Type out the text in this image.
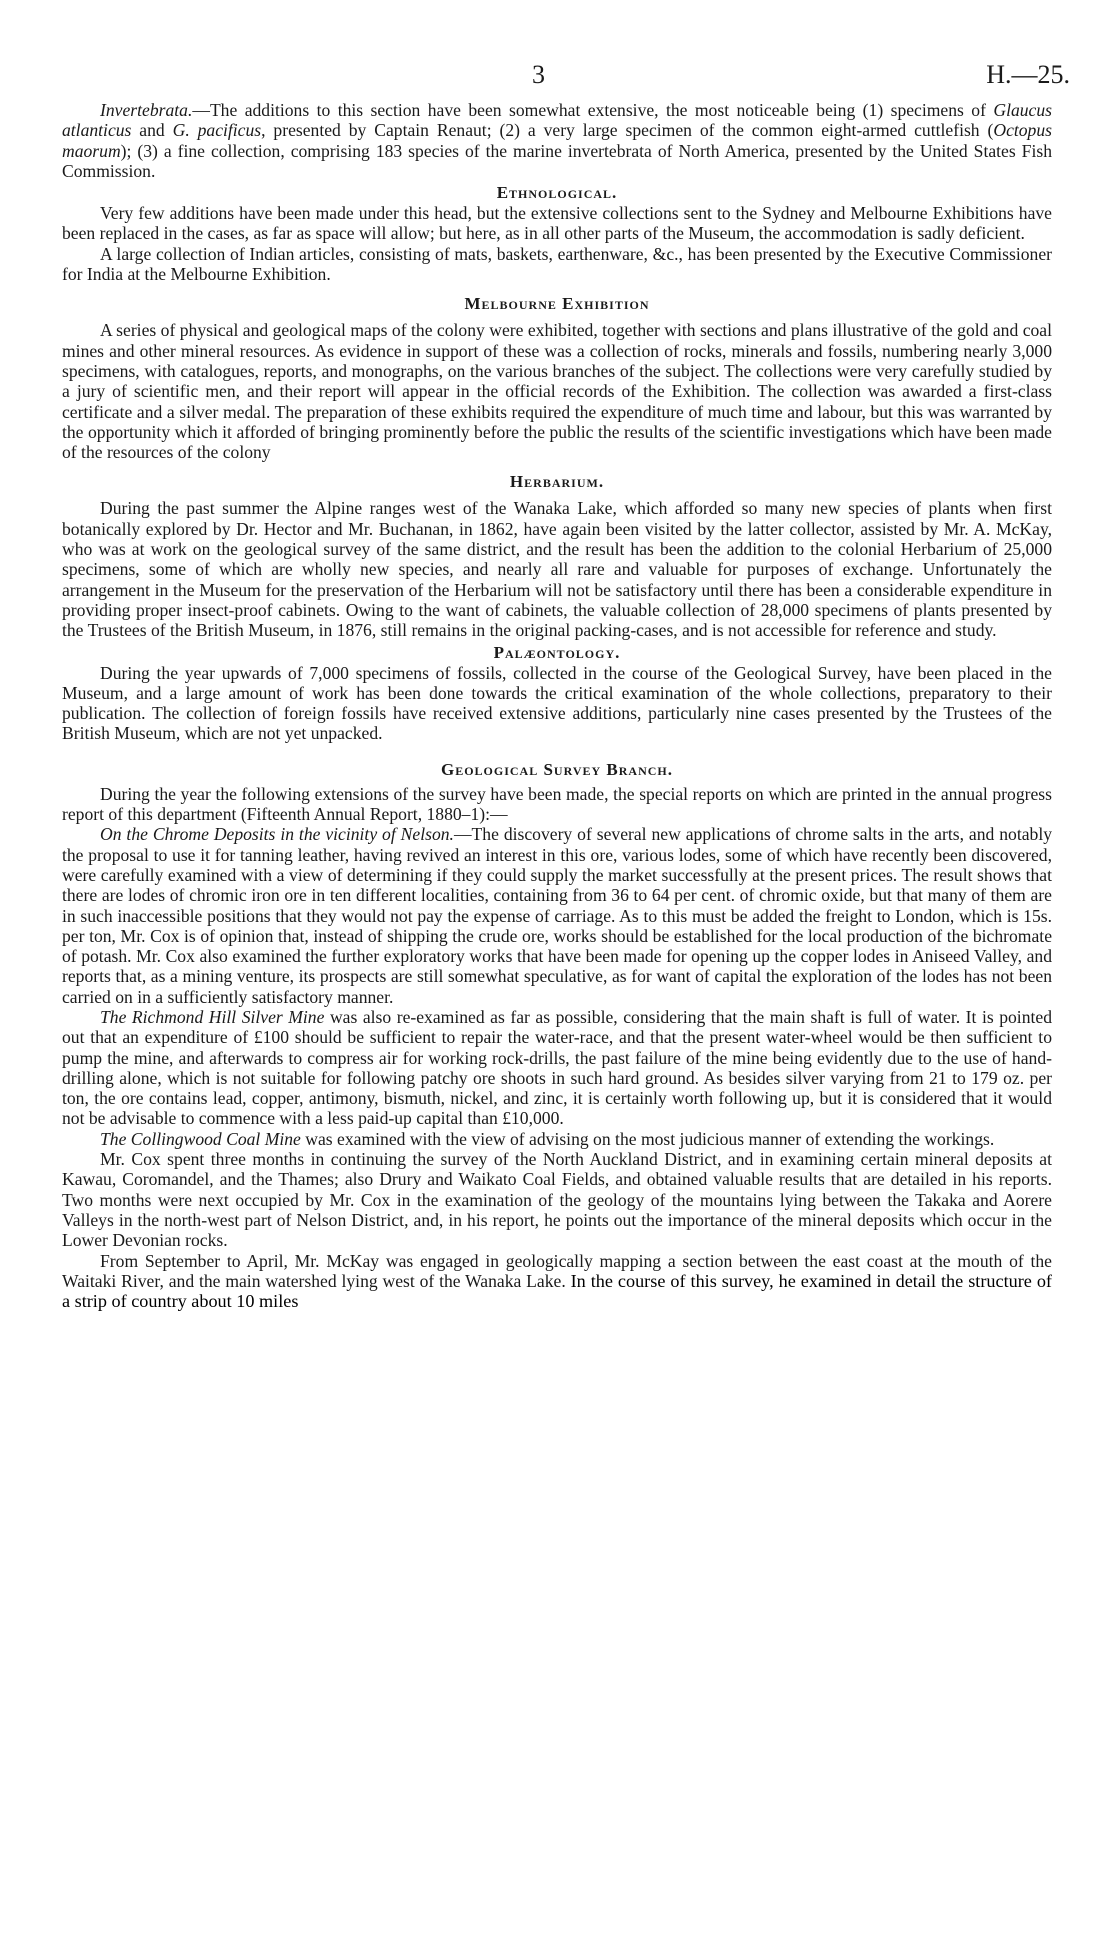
3	H.—25.

Invertebrata.—The additions to this section have been somewhat extensive, the most noticeable being (1) specimens of Glaucus atlanticus and G. pacificus, presented by Captain Renaut; (2) a very large specimen of the common eight-armed cuttlefish (Octopus maorum); (3) a fine collection, comprising 183 species of the marine invertebrata of North America, presented by the United States Fish Commission.

Ethnological.

Very few additions have been made under this head, but the extensive collections sent to the Sydney and Melbourne Exhibitions have been replaced in the cases, as far as space will allow; but here, as in all other parts of the Museum, the accommodation is sadly deficient.

A large collection of Indian articles, consisting of mats, baskets, earthenware, &c., has been presented by the Executive Commissioner for India at the Melbourne Exhibition.

Melbourne Exhibition

A series of physical and geological maps of the colony were exhibited, together with sections and plans illustrative of the gold and coal mines and other mineral resources. As evidence in support of these was a collection of rocks, minerals and fossils, numbering nearly 3,000 specimens, with catalogues, reports, and monographs, on the various branches of the subject. The collections were very carefully studied by a jury of scientific men, and their report will appear in the official records of the Exhibition. The collection was awarded a first-class certificate and a silver medal. The preparation of these exhibits required the expenditure of much time and labour, but this was warranted by the opportunity which it afforded of bringing prominently before the public the results of the scientific investigations which have been made of the resources of the colony

Herbarium.

During the past summer the Alpine ranges west of the Wanaka Lake, which afforded so many new species of plants when first botanically explored by Dr. Hector and Mr. Buchanan, in 1862, have again been visited by the latter collector, assisted by Mr. A. McKay, who was at work on the geological survey of the same district, and the result has been the addition to the colonial Herbarium of 25,000 specimens, some of which are wholly new species, and nearly all rare and valuable for purposes of exchange. Unfortunately the arrangement in the Museum for the preservation of the Herbarium will not be satisfactory until there has been a considerable expenditure in providing proper insect-proof cabinets. Owing to the want of cabinets, the valuable collection of 28,000 specimens of plants presented by the Trustees of the British Museum, in 1876, still remains in the original packing-cases, and is not accessible for reference and study.

Palæontology.

During the year upwards of 7,000 specimens of fossils, collected in the course of the Geological Survey, have been placed in the Museum, and a large amount of work has been done towards the critical examination of the whole collections, preparatory to their publication. The collection of foreign fossils have received extensive additions, particularly nine cases presented by the Trustees of the British Museum, which are not yet unpacked.

Geological Survey Branch.

During the year the following extensions of the survey have been made, the special reports on which are printed in the annual progress report of this department (Fifteenth Annual Report, 1880–1):—

On the Chrome Deposits in the vicinity of Nelson.—The discovery of several new applications of chrome salts in the arts, and notably the proposal to use it for tanning leather, having revived an interest in this ore, various lodes, some of which have recently been discovered, were carefully examined with a view of determining if they could supply the market successfully at the present prices. The result shows that there are lodes of chromic iron ore in ten different localities, containing from 36 to 64 per cent. of chromic oxide, but that many of them are in such inaccessible positions that they would not pay the expense of carriage. As to this must be added the freight to London, which is 15s. per ton, Mr. Cox is of opinion that, instead of shipping the crude ore, works should be established for the local production of the bichromate of potash. Mr. Cox also examined the further exploratory works that have been made for opening up the copper lodes in Aniseed Valley, and reports that, as a mining venture, its prospects are still somewhat speculative, as for want of capital the exploration of the lodes has not been carried on in a sufficiently satisfactory manner.

The Richmond Hill Silver Mine was also re-examined as far as possible, considering that the main shaft is full of water. It is pointed out that an expenditure of £100 should be sufficient to repair the water-race, and that the present water-wheel would be then sufficient to pump the mine, and afterwards to compress air for working rock-drills, the past failure of the mine being evidently due to the use of hand-drilling alone, which is not suitable for following patchy ore shoots in such hard ground. As besides silver varying from 21 to 179 oz. per ton, the ore contains lead, copper, antimony, bismuth, nickel, and zinc, it is certainly worth following up, but it is considered that it would not be advisable to commence with a less paid-up capital than £10,000.

The Collingwood Coal Mine was examined with the view of advising on the most judicious manner of extending the workings.

Mr. Cox spent three months in continuing the survey of the North Auckland District, and in examining certain mineral deposits at Kawau, Coromandel, and the Thames; also Drury and Waikato Coal Fields, and obtained valuable results that are detailed in his reports. Two months were next occupied by Mr. Cox in the examination of the geology of the mountains lying between the Takaka and Aorere Valleys in the north-west part of Nelson District, and, in his report, he points out the importance of the mineral deposits which occur in the Lower Devonian rocks.

From September to April, Mr. McKay was engaged in geologically mapping a section between the east coast at the mouth of the Waitaki River, and the main watershed lying west of the Wanaka Lake. In the course of this survey, he examined in detail the structure of a strip of country about 10 miles
